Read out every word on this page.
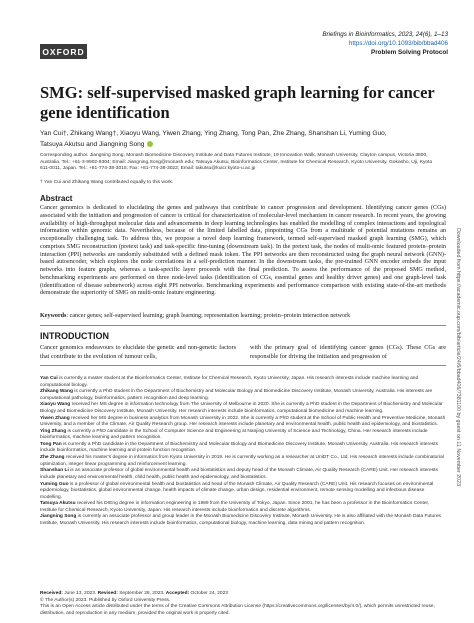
OXFORD
Briefings in Bioinformatics, 2023, 24(6), 1–13
https://doi.org/10.1093/bib/bbad406
Problem Solving Protocol
Downloaded from https://academic.oup.com/bib/article/24/6/bbad406/7381100 by guest on 11 November 2023
SMG: self-supervised masked graph learning for cancer gene identification
Yan Cui†, Zhikang Wang†, Xiaoyu Wang, Yiwen Zhang, Ying Zhang, Tong Pan, Zhe Zhang, Shanshan Li, Yuming Guo,
Tatsuya Akutsu and Jiangning Song
Corresponding author. Jiangning Song, Monash Biomedicine Discovery Institute and Data Futures Institute, 19 Innovation Walk, Monash University, Clayton campus, Victoria 3800, Australia. Tel.: +61-3-9902-9304; Email: Jiangning.Song@monash.edu; Tatsuya Akutsu, Bioinformatics Center, Institute for Chemical Research, Kyoto University, Gokasho, Uji, Kyoto 611-0011, Japan. Tel.: +81-774-38-3015; Fax: +81-774-38-3022; Email: takutsu@kuicr.kyoto-u.ac.jp
† Yan Cui and Zhikang Wang contributed equally to this work.
Abstract
Cancer genomics is dedicated to elucidating the genes and pathways that contribute to cancer progression and development. Identifying cancer genes (CGs) associated with the initiation and progression of cancer is critical for characterization of molecular-level mechanism in cancer research. In recent years, the growing availability of high-throughput molecular data and advancements in deep learning technologies has enabled the modelling of complex interactions and topological information within genomic data. Nevertheless, because of the limited labelled data, pinpointing CGs from a multitude of potential mutations remains an exceptionally challenging task. To address this, we propose a novel deep learning framework, termed self-supervised masked graph learning (SMG), which comprises SMG reconstruction (pretext task) and task-specific fine-tuning (downstream task). In the pretext task, the nodes of multi-omic featured protein–protein interaction (PPI) networks are randomly substituted with a defined mask token. The PPI networks are then reconstructed using the graph neural network (GNN)-based autoencoder, which explores the node correlations in a self-prediction manner. In the downstream tasks, the pre-trained GNN encoder embeds the input networks into feature graphs, whereas a task-specific layer proceeds with the final prediction. To assess the performance of the proposed SMG method, benchmarking experiments are performed on three node-level tasks (identification of CGs, essential genes and healthy driver genes) and one graph-level task (identification of disease subnetwork) across eight PPI networks. Benchmarking experiments and performance comparison with existing state-of-the-art methods demonstrate the superiority of SMG on multi-omic feature engineering.
Keywords: cancer genes; self-supervised learning; graph learning; representation learning; protein–protein interaction network
INTRODUCTION
Cancer genomics endeavours to elucidate the genetic and non-genetic factors that contribute to the evolution of tumour cells,
with the primary goal of identifying cancer genes (CGs). These CGs are responsible for driving the initiation and progression of

Yan Cui is currently a master student at the Bioinformatics Center, Institute for Chemical Research, Kyoto University, Japan. His research interests include machine learning and computational biology.

Zhikang Wang is currently a PhD student in the Department of Biochemistry and Molecular Biology and Biomedicine Discovery Institute, Monash University, Australia. His interests are computational pathology, bioinformatics, pattern recognition and deep learning.

Xiaoyu Wang received her MS degree in information technology from The University of Melbourne in 2020. She is currently a PhD student in the Department of Biochemistry and Molecular Biology and Biomedicine Discovery Institute, Monash University. Her research interests include bioinformatics, computational biomedicine and machine learning.

Yiwen Zhang received her MS degree in business analytics from Monash University in 2022. She is currently a PhD student at the School of Public Health and Preventive Medicine, Monash University, and a member of the Climate, Air Quality Research group. Her research interests include planetary and environmental health, public health and epidemiology, and biostatistics.

Ying Zhang is currently a PhD candidate in the School of Computer Science and Engineering at Nanjing University of Science and Technology, China. Her research interests include bioinformatics, machine learning and pattern recognition.

Tong Pan is currently a PhD candidate in the Department of Biochemistry and Molecular Biology and Biomedicine Discovery Institute, Monash University, Australia. His research interests include bioinformatics, machine learning and protein function recognition.

Zhe Zhang received his master's degree in informatics from Kyoto University in 2019. He is currently working as a researcher at UniDT Co., Ltd. His research interests include combinatorial optimization, integer linear programming and reinforcement learning.

Shanshan Li is an associate professor of global environmental health and biostatistics and deputy head of the Monash Climate, Air Quality Research (CARE) Unit. Her research interests include planetary and environmental health, child health, public health and epidemiology, and biostatistics.

Yuming Guo is a professor of global environmental health and biostatistics and head of the Monash Climate, Air Quality Research (CARE) Unit. His research focuses on environmental epidemiology, biostatistics, global environmental change, health impacts of climate change, urban design, residential environment, remote sensing modelling and infectious disease modelling.

Tatsuya Akutsu received his DrEng degree in information engineering in 1989 from the University of Tokyo, Japan. Since 2001, he has been a professor in the Bioinformatics Center, Institute for Chemical Research, Kyoto University, Japan. His research interests include bioinformatics and discrete algorithms.

Jiangning Song is currently an associate professor and group leader in the Monash Biomedicine Discovery Institute, Monash University. He is also affiliated with the Monash Data Futures Institute, Monash University. His research interests include bioinformatics, computational biology, machine learning, data mining and pattern recognition.

Received: June 13, 2023. Revised: September 26, 2023. Accepted: October 24, 2023
© The Author(s) 2023. Published by Oxford University Press.
This is an Open Access article distributed under the terms of the Creative Commons Attribution License (https://creativecommons.org/licenses/by/4.0/), which permits unrestricted reuse, distribution, and reproduction in any medium, provided the original work is properly cited.
